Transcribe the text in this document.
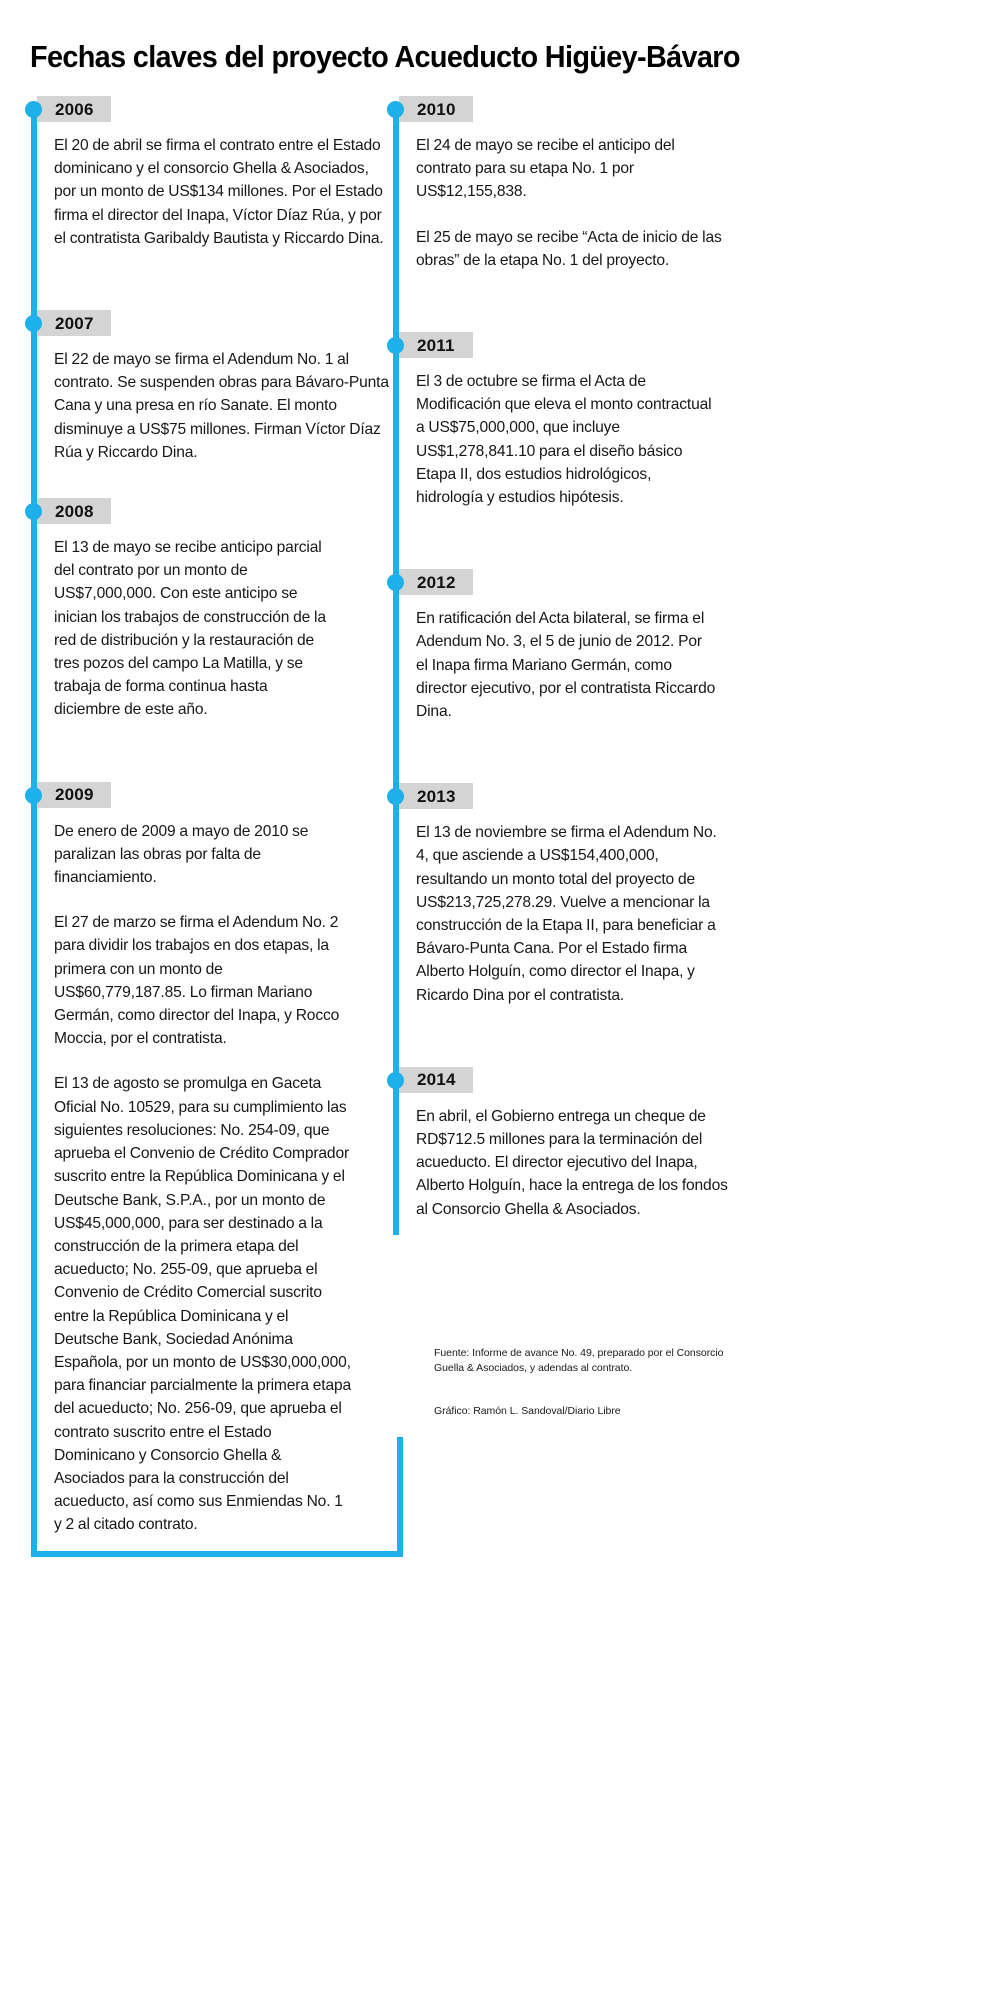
Fechas claves del proyecto Acueducto Higüey-Bávaro
2006

El 20 de abril se firma el contrato entre el Estado dominicano y el consorcio Ghella & Asociados, por un monto de US$134 millones. Por el Estado firma el director del Inapa, Víctor Díaz Rúa, y por el contratista Garibaldy Bautista y Riccardo Dina.

2007

El 22 de mayo se firma el Adendum No. 1 al contrato. Se suspenden obras para Bávaro-Punta Cana y una presa en río Sanate. El monto disminuye a US$75 millones. Firman Víctor Díaz Rúa y Riccardo Dina.

2008

El 13 de mayo se recibe anticipo parcial del contrato por un monto de US$7,000,000. Con este anticipo se inician los trabajos de construcción de la red de distribución y la restauración de tres pozos del campo La Matilla, y se trabaja de forma continua hasta diciembre de este año.

2009

De enero de 2009 a mayo de 2010 se paralizan las obras por falta de financiamiento.

El 27 de marzo se firma el Adendum No. 2 para dividir los trabajos en dos etapas, la primera con un monto de US$60,779,187.85. Lo firman Mariano Germán, como director del Inapa, y Rocco Moccia, por el contratista.

El 13 de agosto se promulga en Gaceta Oficial No. 10529, para su cumplimiento las siguientes resoluciones: No. 254-09, que aprueba el Convenio de Crédito Comprador suscrito entre la República Dominicana y el Deutsche Bank, S.P.A., por un monto de US$45,000,000, para ser destinado a la construcción de la primera etapa del acueducto; No. 255-09, que aprueba el Convenio de Crédito Comercial suscrito entre la República Dominicana y el Deutsche Bank, Sociedad Anónima Española, por un monto de US$30,000,000, para financiar parcialmente la primera etapa del acueducto; No. 256-09, que aprueba el contrato suscrito entre el Estado Dominicano y Consorcio Ghella & Asociados para la construcción del acueducto, así como sus Enmiendas No. 1 y 2 al citado contrato.

2010

El 24 de mayo se recibe el anticipo del contrato para su etapa No. 1 por US$12,155,838.

El 25 de mayo se recibe “Acta de inicio de las obras” de la etapa No. 1 del proyecto.

2011

El 3 de octubre se firma el Acta de Modificación que eleva el monto contractual a US$75,000,000, que incluye US$1,278,841.10 para el diseño básico Etapa II, dos estudios hidrológicos, hidrología y estudios hipótesis.

2012

En ratificación del Acta bilateral, se firma el Adendum No. 3, el 5 de junio de 2012. Por el Inapa firma Mariano Germán, como director ejecutivo, por el contratista Riccardo Dina.

2013

El 13 de noviembre se firma el Adendum No. 4, que asciende a US$154,400,000, resultando un monto total del proyecto de US$213,725,278.29. Vuelve a mencionar la construcción de la Etapa II, para beneficiar a Bávaro-Punta Cana. Por el Estado firma Alberto Holguín, como director el Inapa, y Ricardo Dina por el contratista.

2014

En abril, el Gobierno entrega un cheque de RD$712.5 millones para la terminación del acueducto. El director ejecutivo del Inapa, Alberto Holguín, hace la entrega de los fondos al Consorcio Ghella & Asociados.

Fuente: Informe de avance No. 49, preparado por el Consorcio Guella & Asociados, y adendas al contrato.

Gráfico: Ramón L. Sandoval/Diario Libre
